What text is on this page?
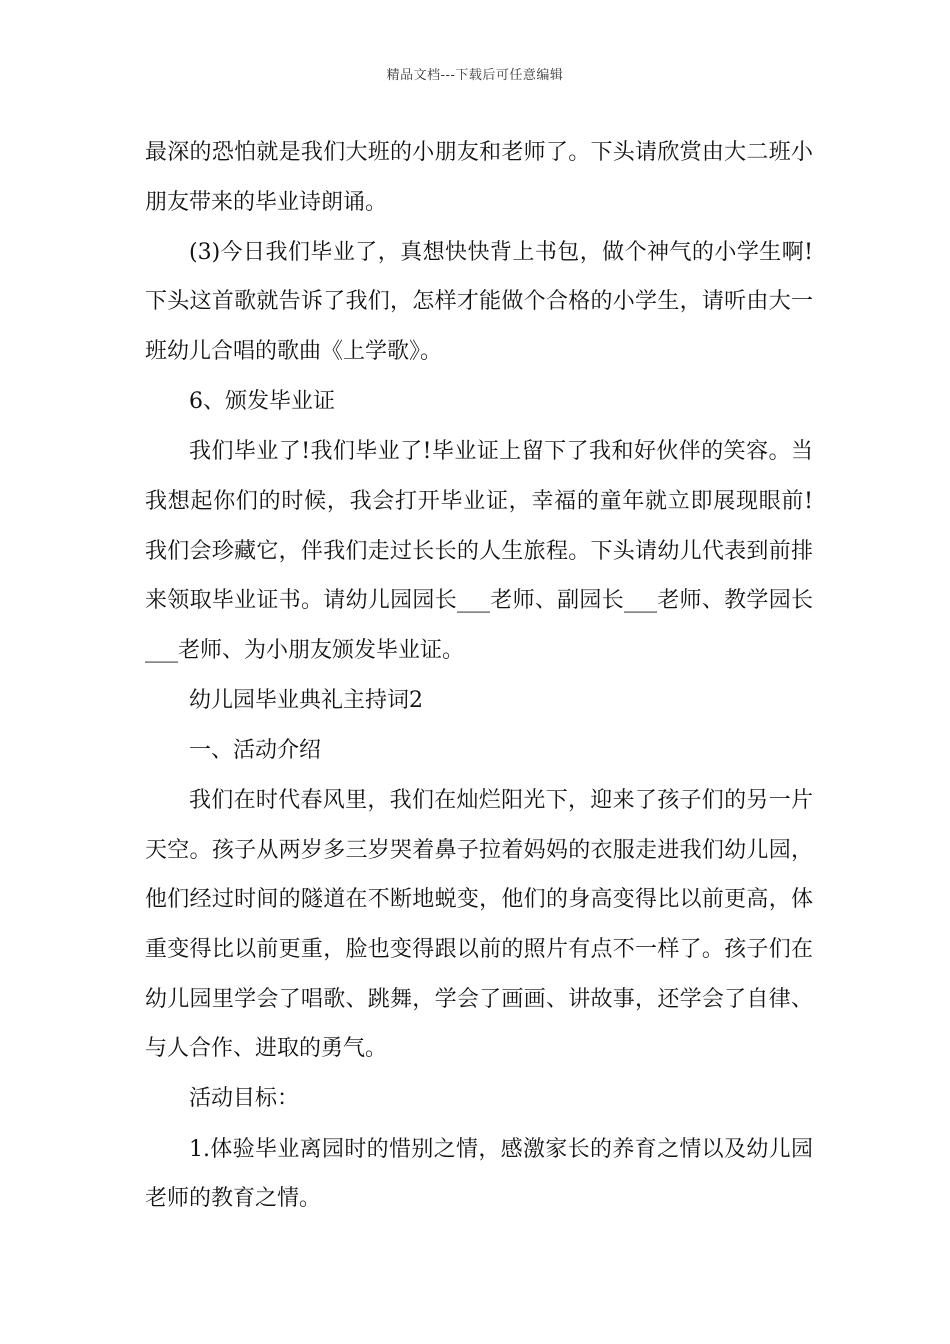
精品文档---下载后可任意编辑

最深的恐怕就是我们大班的小朋友和老师了。下头请欣赏由大二班小朋友带来的毕业诗朗诵。

(3)今日我们毕业了，真想快快背上书包，做个神气的小学生啊!下头这首歌就告诉了我们，怎样才能做个合格的小学生，请听由大一班幼儿合唱的歌曲《上学歌》。

6、颁发毕业证

我们毕业了!我们毕业了!毕业证上留下了我和好伙伴的笑容。当我想起你们的时候，我会打开毕业证，幸福的童年就立即展现眼前!我们会珍藏它，伴我们走过长长的人生旅程。下头请幼儿代表到前排来领取毕业证书。请幼儿园园长___老师、副园长___老师、教学园长___老师、为小朋友颁发毕业证。

幼儿园毕业典礼主持词2

一、活动介绍

我们在时代春风里，我们在灿烂阳光下，迎来了孩子们的另一片天空。孩子从两岁多三岁哭着鼻子拉着妈妈的衣服走进我们幼儿园，他们经过时间的隧道在不断地蜕变，他们的身高变得比以前更高，体重变得比以前更重，脸也变得跟以前的照片有点不一样了。孩子们在幼儿园里学会了唱歌、跳舞，学会了画画、讲故事，还学会了自律、与人合作、进取的勇气。

活动目标：

1.体验毕业离园时的惜别之情，感激家长的养育之情以及幼儿园老师的教育之情。
